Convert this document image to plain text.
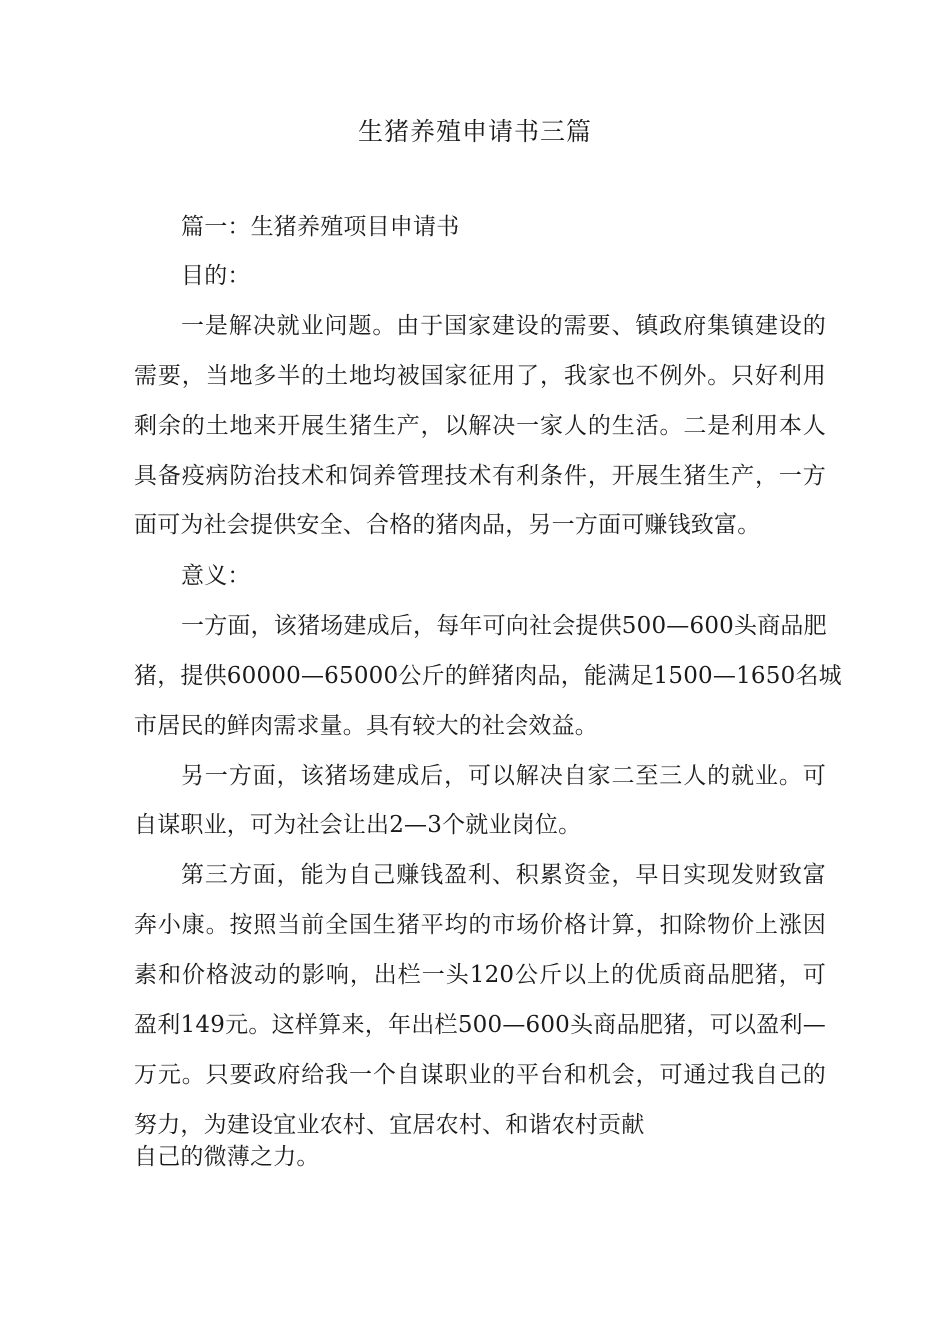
生猪养殖申请书三篇
篇一：生猪养殖项目申请书
目的：
一是解决就业问题。由于国家建设的需要、镇政府集镇建设的
需要，当地多半的土地均被国家征用了，我家也不例外。只好利用
剩余的土地来开展生猪生产，以解决一家人的生活。二是利用本人
具备疫病防治技术和饲养管理技术有利条件，开展生猪生产，一方
面可为社会提供安全、合格的猪肉品，另一方面可赚钱致富。
意义：
一方面，该猪场建成后，每年可向社会提供500—600头商品肥
猪，提供60000—65000公斤的鲜猪肉品，能满足1500—1650名城
市居民的鲜肉需求量。具有较大的社会效益。
另一方面，该猪场建成后，可以解决自家二至三人的就业。可
自谋职业，可为社会让出2—3个就业岗位。
第三方面，能为自己赚钱盈利、积累资金，早日实现发财致富
奔小康。按照当前全国生猪平均的市场价格计算，扣除物价上涨因
素和价格波动的影响，出栏一头120公斤以上的优质商品肥猪，可
盈利149元。这样算来，年出栏500—600头商品肥猪，可以盈利—
万元。只要政府给我一个自谋职业的平台和机会，可通过我自己的
努力，为建设宜业农村、宜居农村、和谐农村贡献
自己的微薄之力。
